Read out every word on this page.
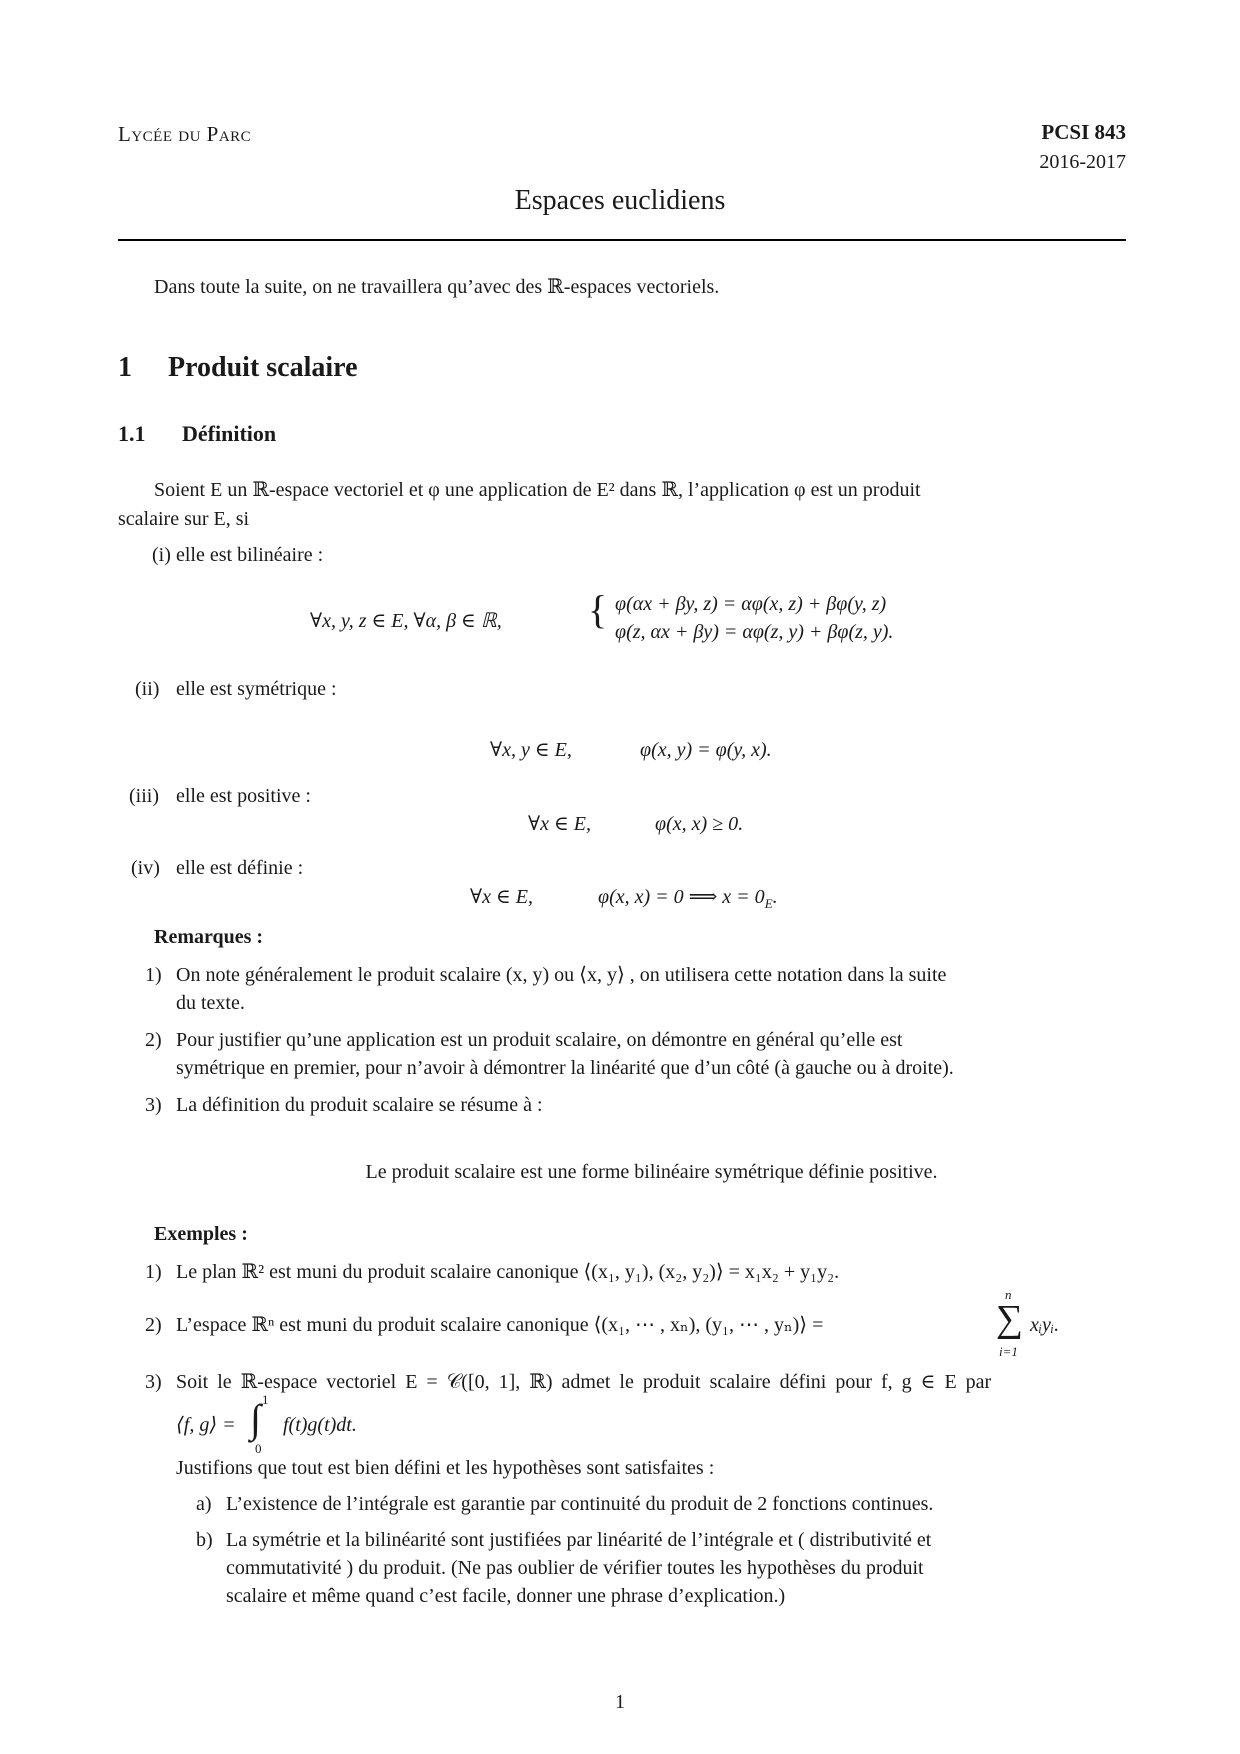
Lycée du Parc	PCSI 843
2016-2017
Espaces euclidiens
Dans toute la suite, on ne travaillera qu’avec des ℝ-espaces vectoriels.
1 Produit scalaire
1.1 Définition
Soient E un ℝ-espace vectoriel et φ une application de E² dans ℝ, l’application φ est un produit
scalaire sur E, si
(i) elle est bilinéaire :
∀x, y, z ∈ E, ∀α, β ∈ ℝ, { φ(αx + βy, z) = αφ(x, z) + βφ(y, z)
φ(z, αx + βy) = αφ(z, y) + βφ(z, y).
(ii) elle est symétrique :
∀x, y ∈ E,	φ(x, y) = φ(y, x).
(iii) elle est positive :
∀x ∈ E,	φ(x, x) ≥ 0.
(iv) elle est définie :
∀x ∈ E,	φ(x, x) = 0 ⟹ $x = 0_E$.
Remarques :
1) On note généralement le produit scalaire (x, y) ou ⟨x, y⟩ , on utilisera cette notation dans la suite
du texte.
2) Pour justifier qu’une application est un produit scalaire, on démontre en général qu’elle est
symétrique en premier, pour n’avoir à démontrer la linéarité que d’un côté (à gauche ou à droite).
3) La définition du produit scalaire se résume à :
Le produit scalaire est une forme bilinéaire symétrique définie positive.
Exemples :
1) Le plan ℝ² est muni du produit scalaire canonique ⟨(x₁, y₁), (x₂, y₂)⟩ = x₁x₂ + y₁y₂.
2) L’espace ℝⁿ est muni du produit scalaire canonique ⟨(x₁, ⋯ , xₙ), (y₁, ⋯ , yₙ)⟩ =
n
∑
i=1
xᵢyᵢ.
3) Soit le ℝ-espace vectoriel E = 𝒞([0, 1], ℝ) admet le produit scalaire défini pour f, g ∈ E par
⟨f, g⟩ =
1
∫
0
f(t)g(t)dt.
Justifions que tout est bien défini et les hypothèses sont satisfaites :
a) L’existence de l’intégrale est garantie par continuité du produit de 2 fonctions continues.
b) La symétrie et la bilinéarité sont justifiées par linéarité de l’intégrale et ( distributivité et
commutativité ) du produit. (Ne pas oublier de vérifier toutes les hypothèses du produit
scalaire et même quand c’est facile, donner une phrase d’explication.)
1
